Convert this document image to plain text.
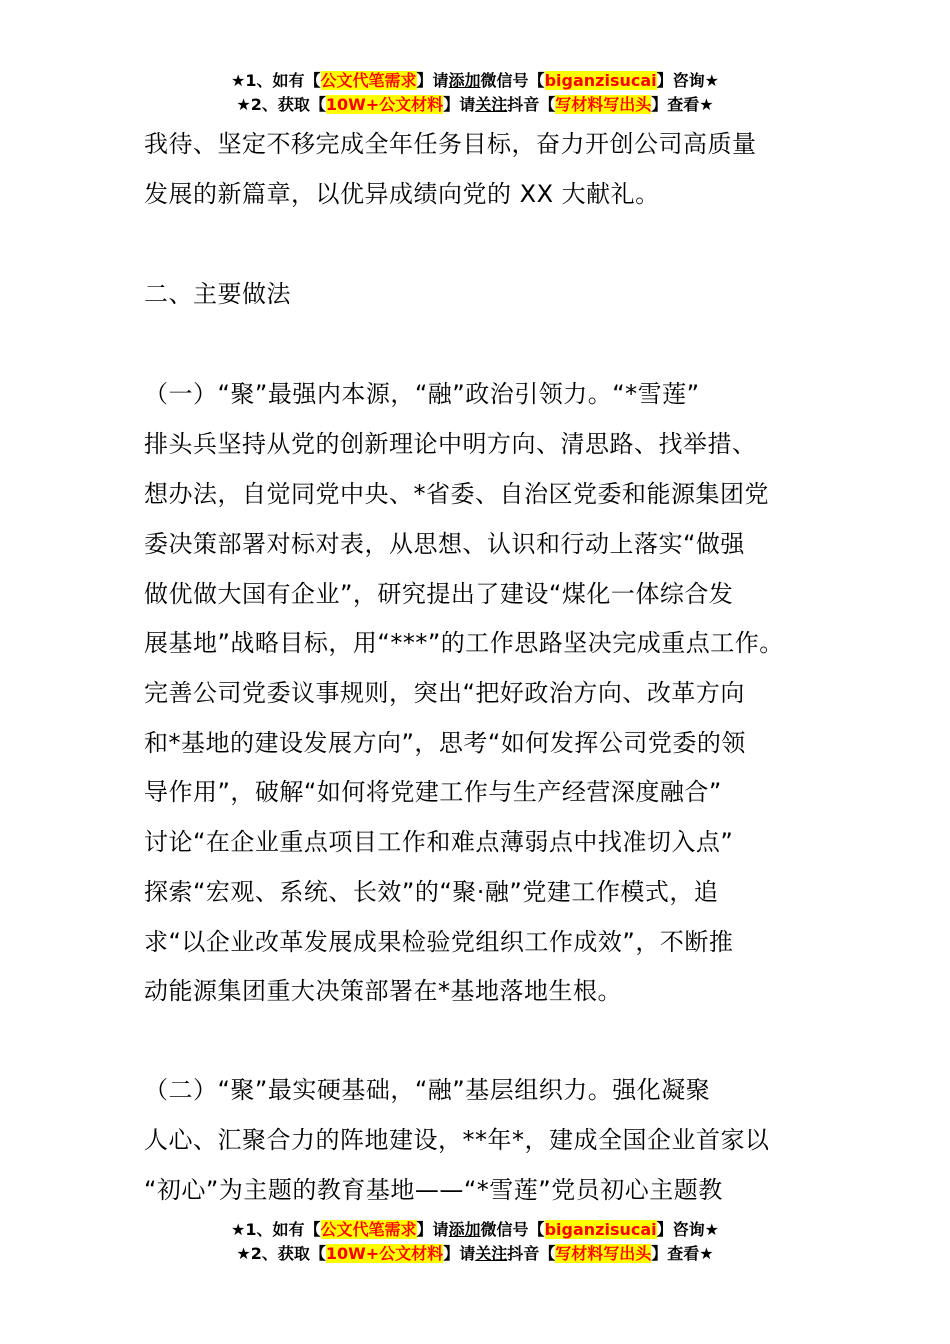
★1、如有【公文代笔需求】请添加微信号【biganzisucai】咨询★
★2、获取【10W+公文材料】请关注抖音【写材料写出头】查看★
我待、坚定不移完成全年任务目标，奋力开创公司高质量
发展的新篇章，以优异成绩向党的 XX 大献礼。
二、主要做法
（一）“聚”最强内本源，“融”政治引领力。“*雪莲”
排头兵坚持从党的创新理论中明方向、清思路、找举措、
想办法，自觉同党中央、*省委、自治区党委和能源集团党
委决策部署对标对表，从思想、认识和行动上落实“做强
做优做大国有企业”，研究提出了建设“煤化一体综合发
展基地”战略目标，用“***”的工作思路坚决完成重点工作。
完善公司党委议事规则，突出“把好政治方向、改革方向
和*基地的建设发展方向”，思考“如何发挥公司党委的领
导作用”，破解“如何将党建工作与生产经营深度融合”
讨论“在企业重点项目工作和难点薄弱点中找准切入点”
探索“宏观、系统、长效”的“聚·融”党建工作模式，追
求“以企业改革发展成果检验党组织工作成效”，不断推
动能源集团重大决策部署在*基地落地生根。
（二）“聚”最实硬基础，“融”基层组织力。强化凝聚
人心、汇聚合力的阵地建设，**年*，建成全国企业首家以
“初心”为主题的教育基地——“*雪莲”党员初心主题教
★1、如有【公文代笔需求】请添加微信号【biganzisucai】咨询★
★2、获取【10W+公文材料】请关注抖音【写材料写出头】查看★
